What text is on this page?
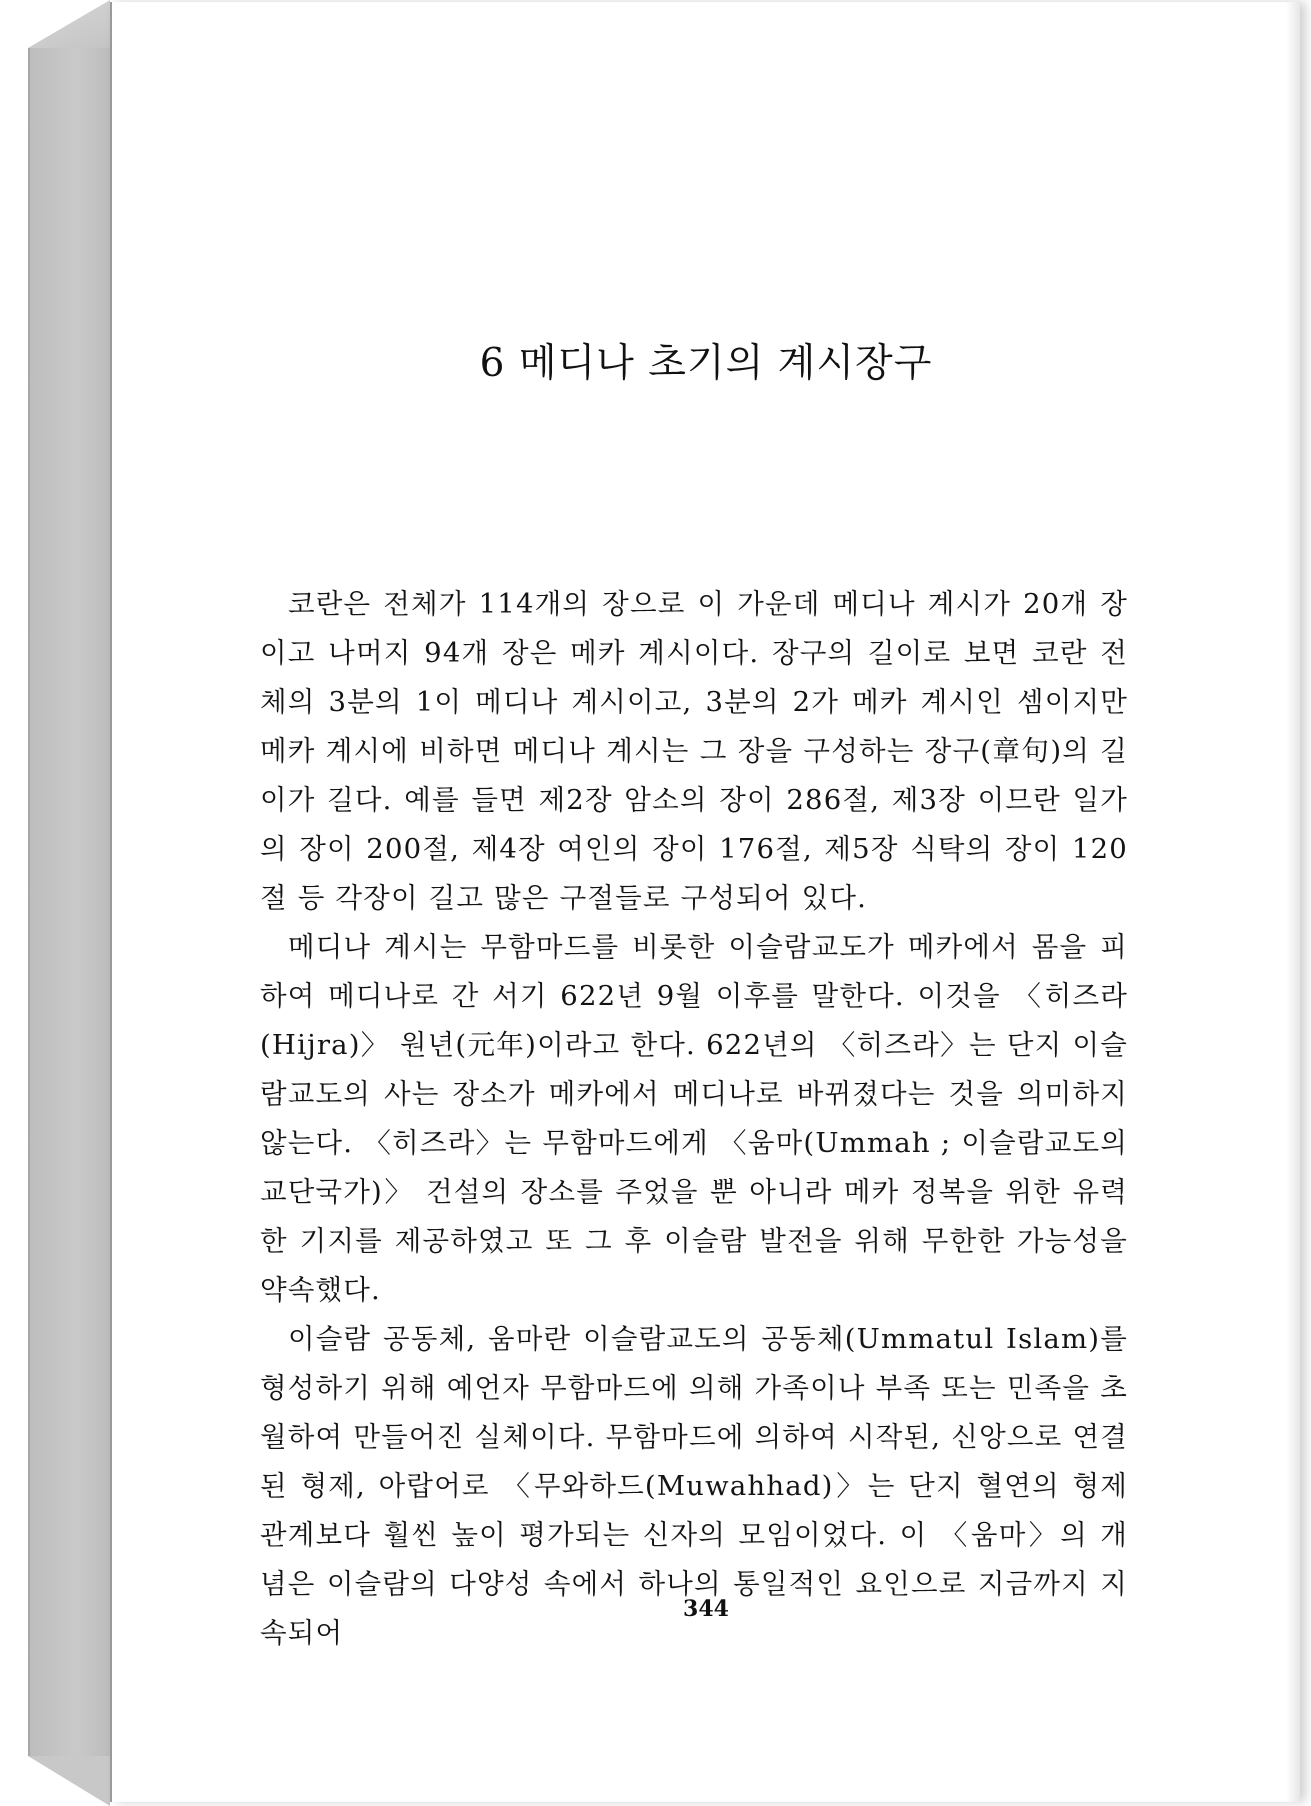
6 메디나 초기의 계시장구

코란은 전체가 114개의 장으로 이 가운데 메디나 계시가 20개 장이고 나머지 94개 장은 메카 계시이다. 장구의 길이로 보면 코란 전체의 3분의 1이 메디나 계시이고, 3분의 2가 메카 계시인 셈이지만 메카 계시에 비하면 메디나 계시는 그 장을 구성하는 장구(章句)의 길이가 길다. 예를 들면 제2장 암소의 장이 286절, 제3장 이므란 일가의 장이 200절, 제4장 여인의 장이 176절, 제5장 식탁의 장이 120절 등 각장이 길고 많은 구절들로 구성되어 있다.

메디나 계시는 무함마드를 비롯한 이슬람교도가 메카에서 몸을 피하여 메디나로 간 서기 622년 9월 이후를 말한다. 이것을 〈히즈라(Hijra)〉 원년(元年)이라고 한다. 622년의 〈히즈라〉는 단지 이슬람교도의 사는 장소가 메카에서 메디나로 바뀌졌다는 것을 의미하지 않는다. 〈히즈라〉는 무함마드에게 〈움마(Ummah ; 이슬람교도의 교단국가)〉 건설의 장소를 주었을 뿐 아니라 메카 정복을 위한 유력한 기지를 제공하였고 또 그 후 이슬람 발전을 위해 무한한 가능성을 약속했다.

이슬람 공동체, 움마란 이슬람교도의 공동체(Ummatul Islam)를 형성하기 위해 예언자 무함마드에 의해 가족이나 부족 또는 민족을 초월하여 만들어진 실체이다. 무함마드에 의하여 시작된, 신앙으로 연결된 형제, 아랍어로 〈무와하드(Muwahhad)〉는 단지 혈연의 형제관계보다 훨씬 높이 평가되는 신자의 모임이었다. 이 〈움마〉의 개념은 이슬람의 다양성 속에서 하나의 통일적인 요인으로 지금까지 지속되어

344
